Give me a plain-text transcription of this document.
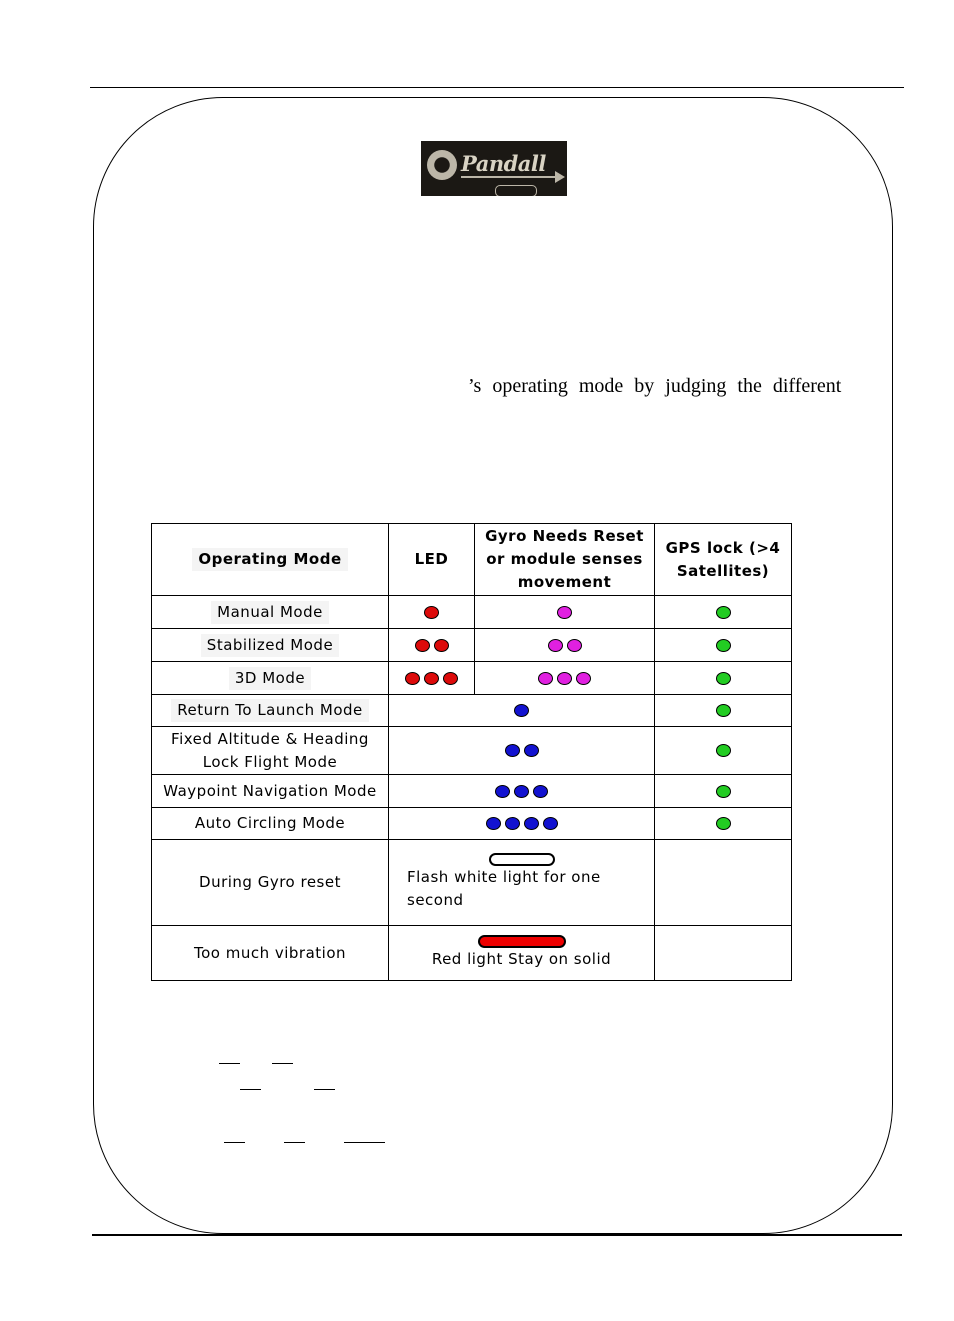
Pandall
’s operating mode by judging the different
Operating Mode	LED	Gyro Needs Reset or module senses movement	GPS lock (>4 Satellites)
Manual Mode			
Stabilized Mode			
3D Mode			
Return To Launch Mode			
Fixed Altitude & Heading Lock Flight Mode			
Waypoint Navigation Mode			
Auto Circling Mode			
During Gyro reset	Flash white light for one second		

Too much vibration	Red light Stay on solid		
